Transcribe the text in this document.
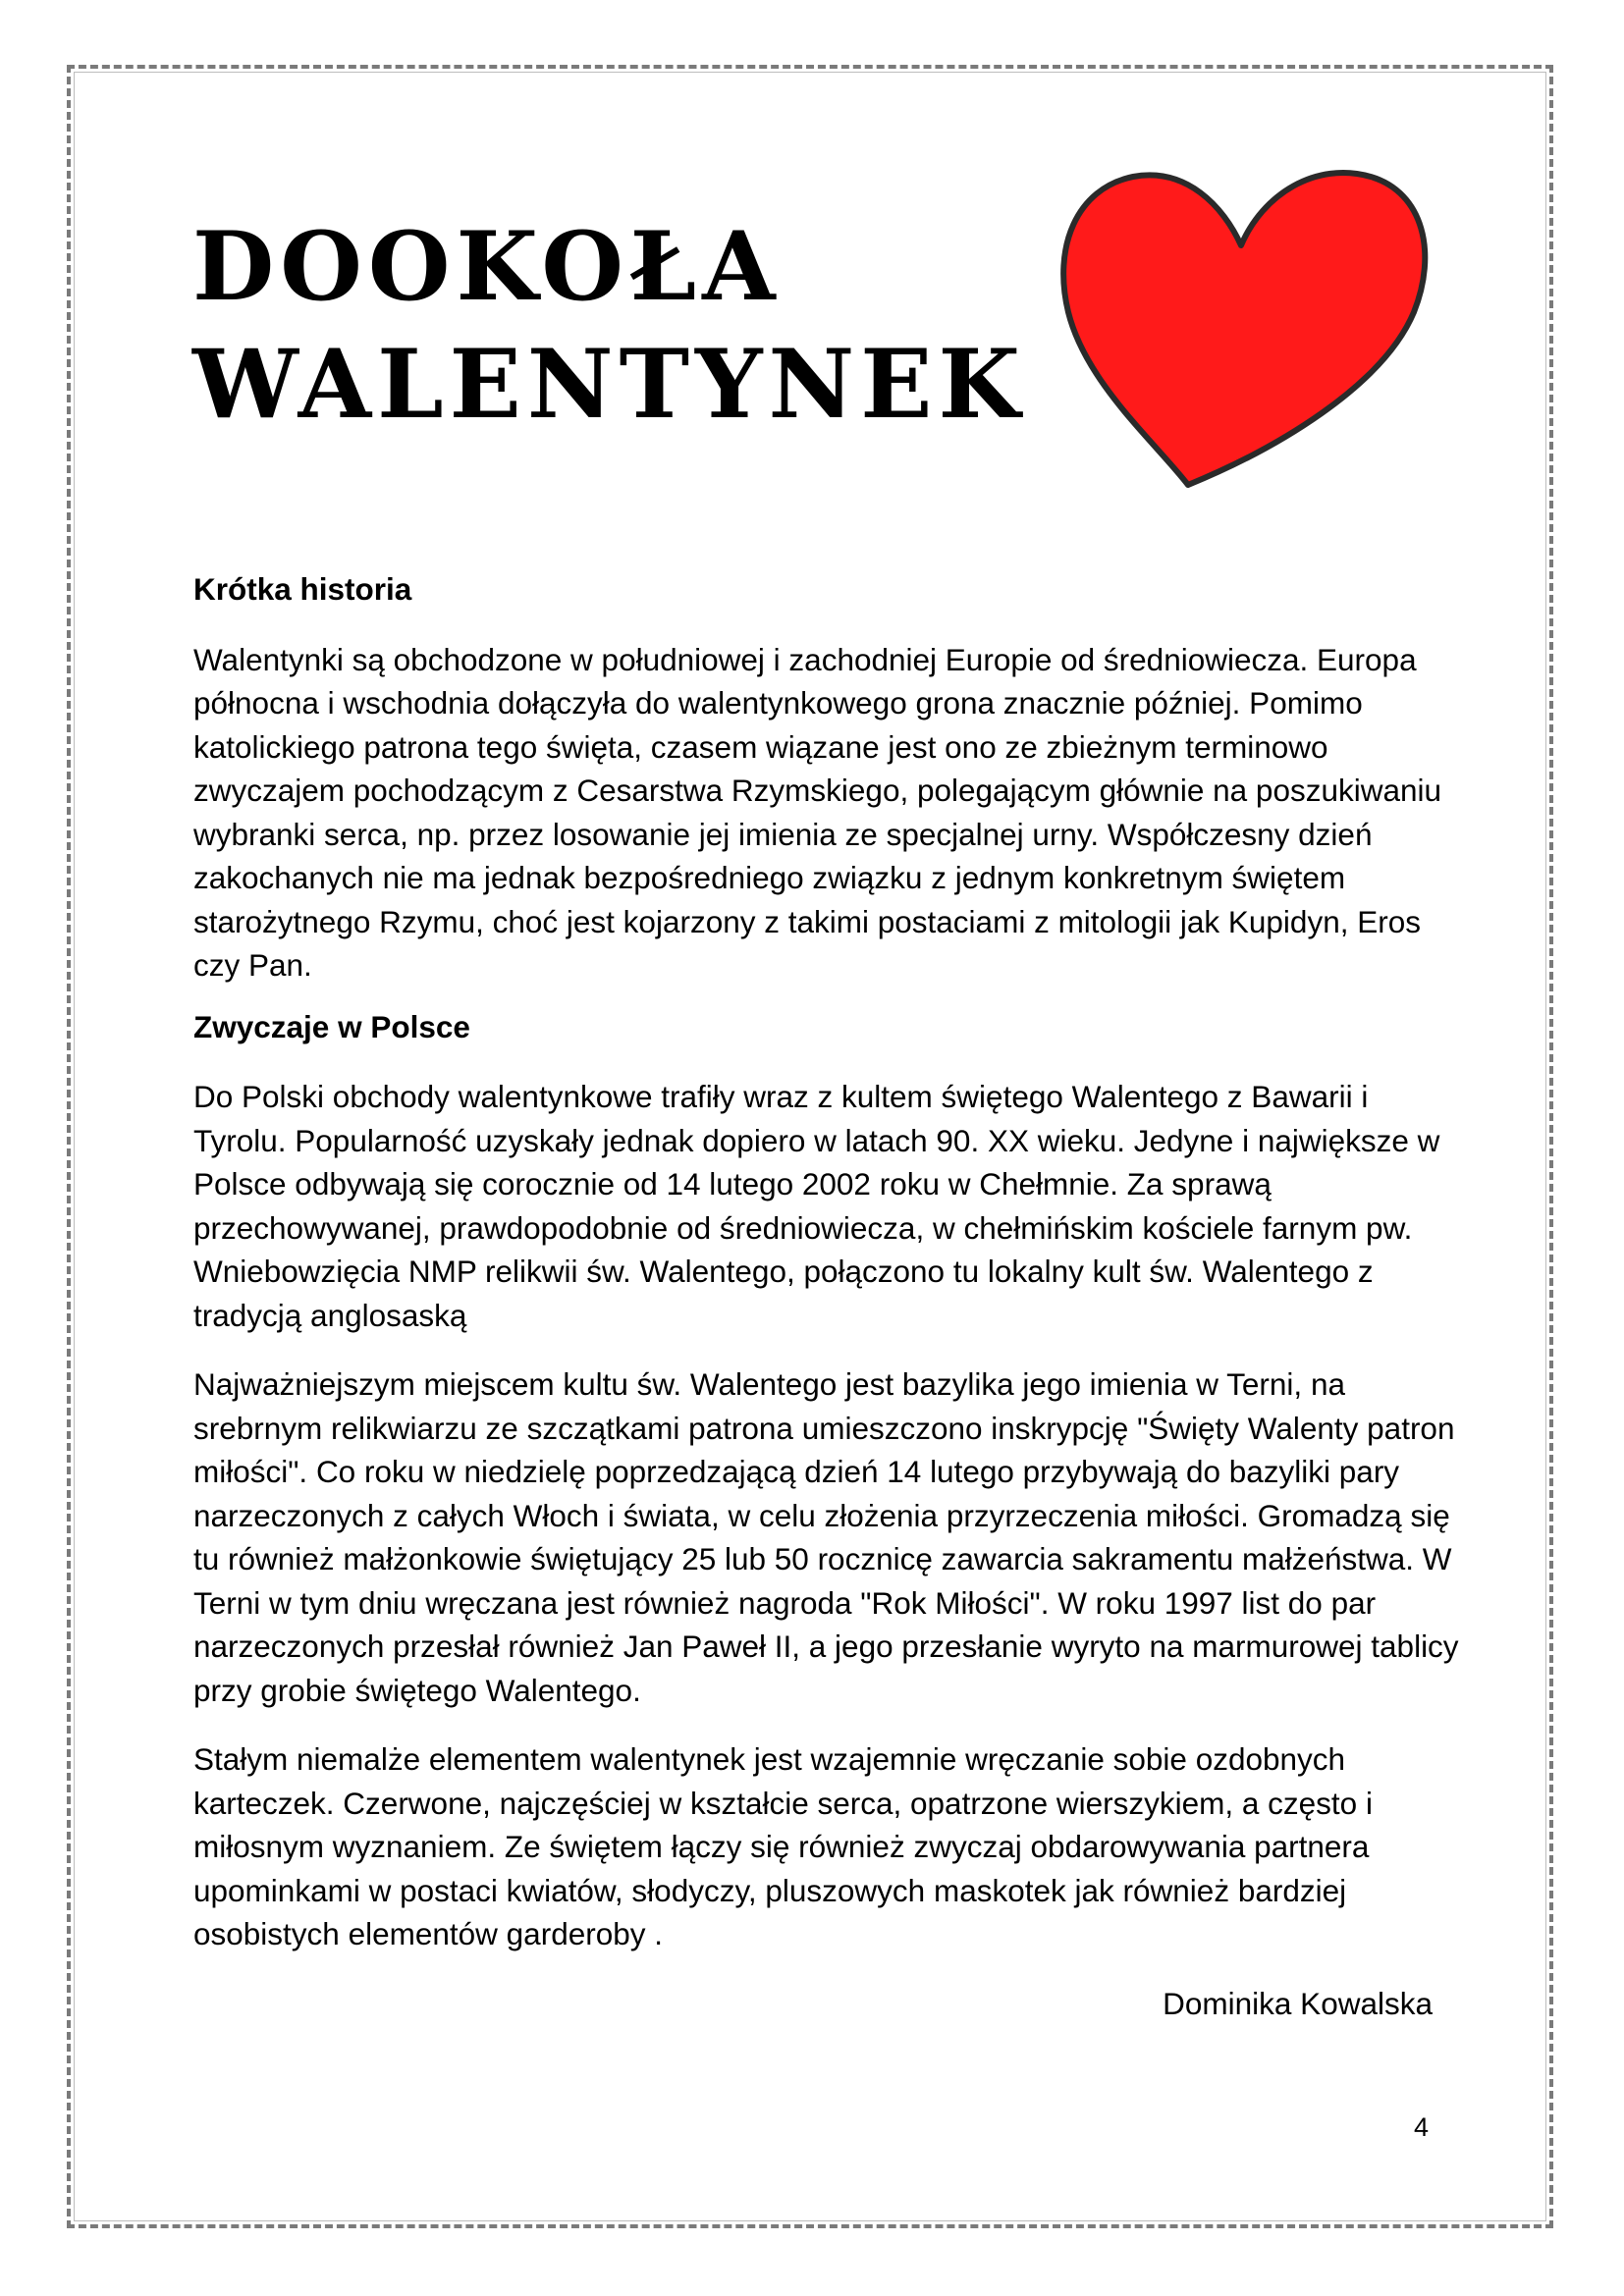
DOOKOŁA
WALENTYNEK
Krótka historia

Walentynki są obchodzone w południowej i zachodniej Europie od średniowiecza. Europa północna i wschodnia dołączyła do walentynkowego grona znacznie później. Pomimo katolickiego patrona tego święta, czasem wiązane jest ono ze zbieżnym terminowo zwyczajem pochodzącym z Cesarstwa Rzymskiego, polegającym głównie na poszukiwaniu wybranki serca, np. przez losowanie jej imienia ze specjalnej urny. Współczesny dzień zakochanych nie ma jednak bezpośredniego związku z jednym konkretnym świętem starożytnego Rzymu, choć jest kojarzony z takimi postaciami z mitologii jak Kupidyn, Eros czy Pan.

Zwyczaje w Polsce

Do Polski obchody walentynkowe trafiły wraz z kultem świętego Walentego z Bawarii i Tyrolu. Popularność uzyskały jednak dopiero w latach 90. XX wieku. Jedyne i największe w Polsce odbywają się corocznie od 14 lutego 2002 roku w Chełmnie. Za sprawą przechowywanej, prawdopodobnie od średniowiecza, w chełmińskim kościele farnym pw. Wniebowzięcia NMP relikwii św. Walentego, połączono tu lokalny kult św. Walentego z tradycją anglosaską

Najważniejszym miejscem kultu św. Walentego jest bazylika jego imienia w Terni, na srebrnym relikwiarzu ze szczątkami patrona umieszczono inskrypcję "Święty Walenty patron miłości". Co roku w niedzielę poprzedzającą dzień 14 lutego przybywają do bazyliki pary narzeczonych z całych Włoch i świata, w celu złożenia przyrzeczenia miłości. Gromadzą się tu również małżonkowie świętujący 25 lub 50 rocznicę zawarcia sakramentu małżeństwa. W Terni w tym dniu wręczana jest również nagroda "Rok Miłości". W roku 1997 list do par narzeczonych przesłał również Jan Paweł II, a jego przesłanie wyryto na marmurowej tablicy przy grobie świętego Walentego.

Stałym niemalże elementem walentynek jest wzajemnie wręczanie sobie ozdobnych karteczek. Czerwone, najczęściej w kształcie serca, opatrzone wierszykiem, a często i miłosnym wyznaniem. Ze świętem łączy się również zwyczaj obdarowywania partnera upominkami w postaci kwiatów, słodyczy, pluszowych maskotek jak również bardziej osobistych elementów garderoby .

Dominika Kowalska
4
